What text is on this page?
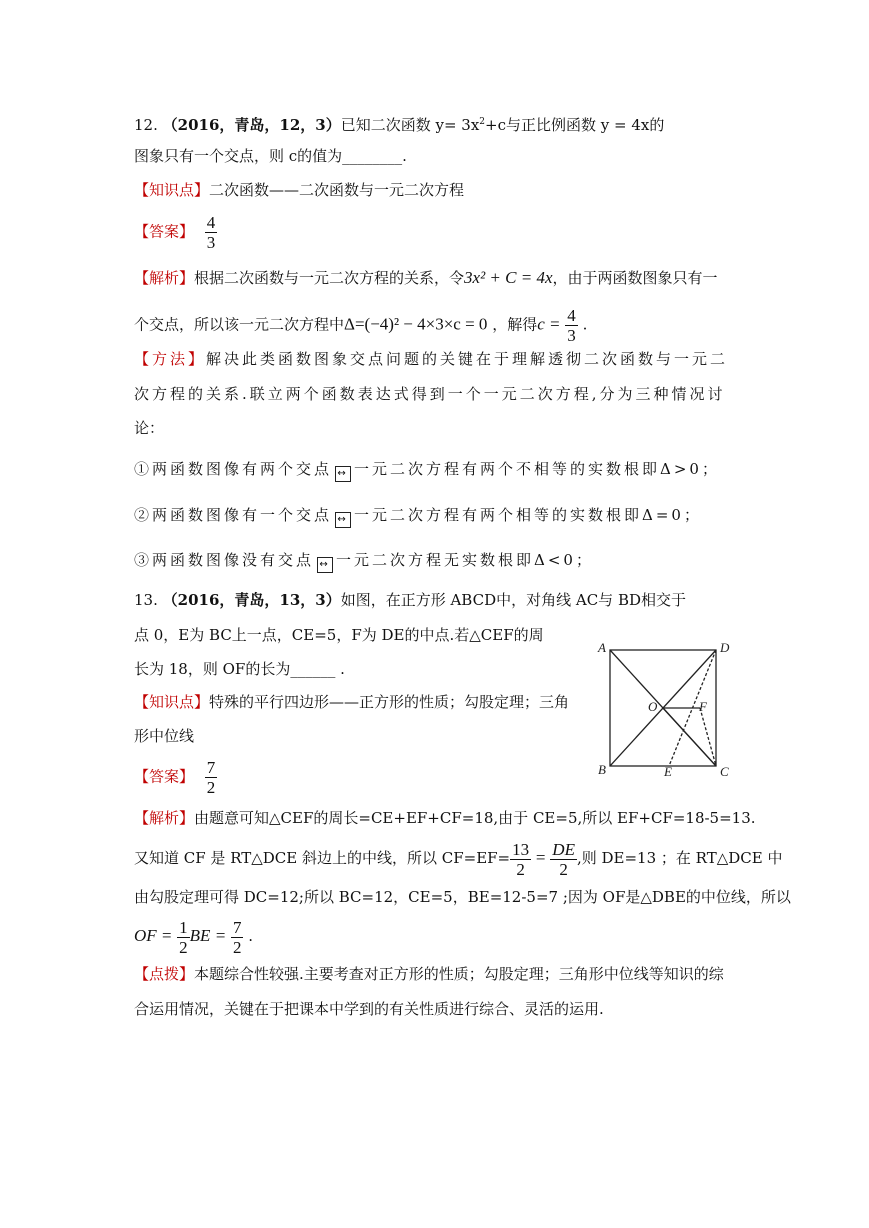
12. （2016，青岛，12，3）已知二次函数 $y= 3x^2+c$与正比例函数 y = 4x的
图象只有一个交点，则 c的值为________.
【知识点】二次函数——二次函数与一元二次方程
【答案】 $\frac{4}{3}$
【解析】根据二次函数与一元二次方程的关系，令3x² + C = 4x，由于两函数图象只有一
个交点，所以该一元二次方程中Δ=(−4)² − 4×3×c = 0 ，解得$c = \frac{4}{3}$ .
【方法】解决此类函数图象交点问题的关键在于理解透彻二次函数与一元二
次方程的关系.联立两个函数表达式得到一个一元二次方程,分为三种情况讨
论：
①两函数图像有两个交点 ↔ 一元二次方程有两个不相等的实数根即Δ>0；
②两函数图像有一个交点 ↔ 一元二次方程有两个相等的实数根即Δ=0；
③两函数图像没有交点 ↔ 一元二次方程无实数根即Δ<0；
13. （2016，青岛，13，3）如图，在正方形 ABCD中，对角线 AC与 BD相交于
点 0，E为 BC上一点，CE=5，F为 DE的中点.若△CEF的周
长为 18，则 OF的长为______ .
【知识点】特殊的平行四边形——正方形的性质；勾股定理；三角
形中位线
【答案】 $\frac{7}{2}$
A	D
O	F
B	E	C
【解析】由题意可知△CEF的周长=CE+EF+CF=18,由于 CE=5,所以 EF+CF=18-5=13.
又知道 CF 是 RT△DCE 斜边上的中线，所以 $CF=EF= \frac{13}{2} = \frac{DE}{2}$ ,则 DE=13 ；在 RT△DCE 中
由勾股定理可得 DC=12;所以 BC=12，CE=5，BE=12-5=7 ;因为 OF是△DBE的中位线，所以
OF = $\frac{1}{2}$ BE = $\frac{7}{2}$ .
【点拨】本题综合性较强.主要考查对正方形的性质；勾股定理；三角形中位线等知识的综
合运用情况，关键在于把课本中学到的有关性质进行综合、灵活的运用.
